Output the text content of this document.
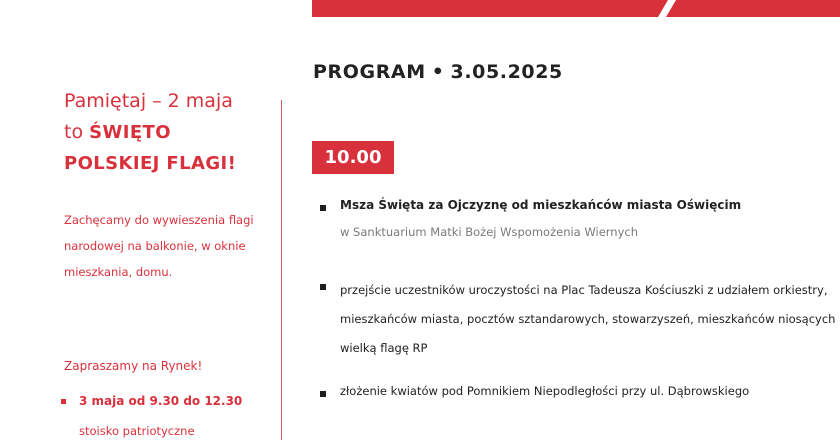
Pamiętaj – 2 maja
to ŚWIĘTO
POLSKIEJ FLAGI!
Zachęcamy do wywieszenia flagi narodowej na balkonie, w oknie mieszkania, domu.
Zapraszamy na Rynek!
3 maja od 9.30 do 12.30
stoisko patriotyczne
PROGRAM • 3.05.2025
10.00
Msza Święta za Ojczyznę od mieszkańców miasta Oświęcim
w Sanktuarium Matki Bożej Wspomożenia Wiernych
przejście uczestników uroczystości na Plac Tadeusza Kościuszki z udziałem orkiestry, mieszkańców miasta, pocztów sztandarowych, stowarzyszeń, mieszkańców niosących wielką flagę RP
złożenie kwiatów pod Pomnikiem Niepodległości przy ul. Dąbrowskiego
